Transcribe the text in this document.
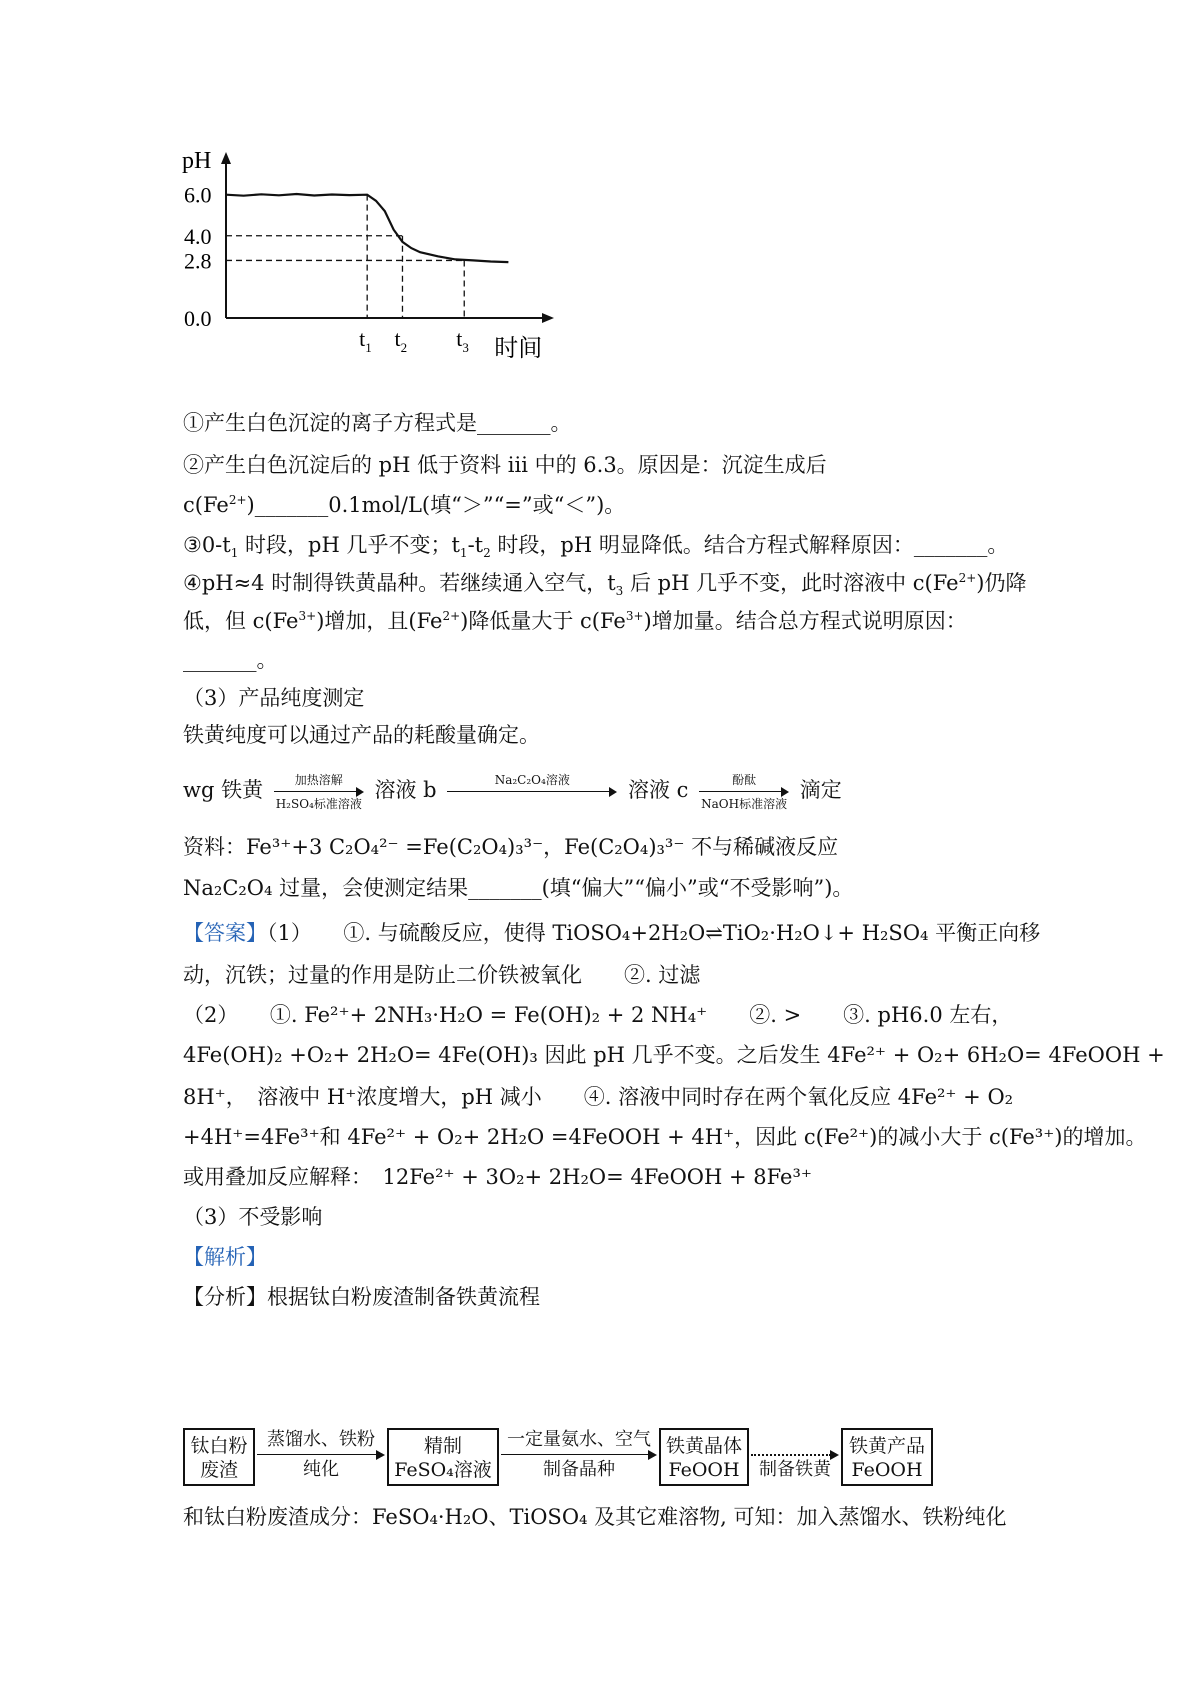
pH
6.0
4.0
2.8
0.0
$t_1$ $t_2$ $t_3$ 时间
①产生白色沉淀的离子方程式是_______。
②产生白色沉淀后的 pH 低于资料 iii 中的 6.3。原因是：沉淀生成后
$c(Fe^{2+})\_\_\_\_\_\_\_0.1mol/L$(填“＞”“=”或“＜”)。
$③0-t_1$ 时段，pH 几乎不变；$t_1-t_2$ 时段，pH 明显降低。结合方程式解释原因：_______。
④pH≈4 时制得铁黄晶种。若继续通入空气，$t_3$ 后 pH 几乎不变，此时溶液中 $c(Fe^{2+})$仍降
低，但 $c(Fe^{3+})$增加，且$(Fe^{2+})$降低量大于 $c(Fe^{3+})$增加量。结合总方程式说明原因：
_______。
（3）产品纯度测定
铁黄纯度可以通过产品的耗酸量确定。
wg 铁黄	加热溶解
H₂SO₄标准溶液
溶液 b	Na₂C₂O₄溶液
	溶液 c	酚酞
NaOH标准溶液
滴定
资料：Fe³⁺+3 C₂O₄²⁻ =Fe(C₂O₄)₃³⁻，Fe(C₂O₄)₃³⁻ 不与稀碱液反应
Na₂C₂O₄ 过量，会使测定结果_______(填“偏大”“偏小”或“不受影响”)。
【答案】（1）　　①. 与硫酸反应，使得 TiOSO₄+2H₂O⇌TiO₂·H₂O↓+ H₂SO₄ 平衡正向移
动，沉铁；过量的作用是防止二价铁被氧化　　②. 过滤
（2）　　①. Fe²⁺+ 2NH₃·H₂O = Fe(OH)₂ + 2 NH₄⁺　　②. >　　③. pH6.0 左右，
4Fe(OH)₂ +O₂+ 2H₂O= 4Fe(OH)₃ 因此 pH 几乎不变。之后发生 4Fe²⁺ + O₂+ 6H₂O= 4FeOOH +
8H⁺，　溶液中 H⁺浓度增大，pH 减小　　④. 溶液中同时存在两个氧化反应 4Fe²⁺ + O₂
+4H⁺=4Fe³⁺和 4Fe²⁺ + O₂+ 2H₂O =4FeOOH + 4H⁺，因此 c(Fe²⁺)的减小大于 c(Fe³⁺)的增加。
或用叠加反应解释：　12Fe²⁺ + 3O₂+ 2H₂O= 4FeOOH + 8Fe³⁺
（3）不受影响
【解析】
【分析】根据钛白粉废渣制备铁黄流程
钛白粉
废渣
蒸馏水、铁粉
纯化
精制
FeSO₄溶液
一定量氨水、空气
制备晶种
铁黄晶体
FeOOH
	制备铁黄
铁黄产品
FeOOH
和钛白粉废渣成分：FeSO₄·H₂O、TiOSO₄ 及其它难溶物, 可知：加入蒸馏水、铁粉纯化
